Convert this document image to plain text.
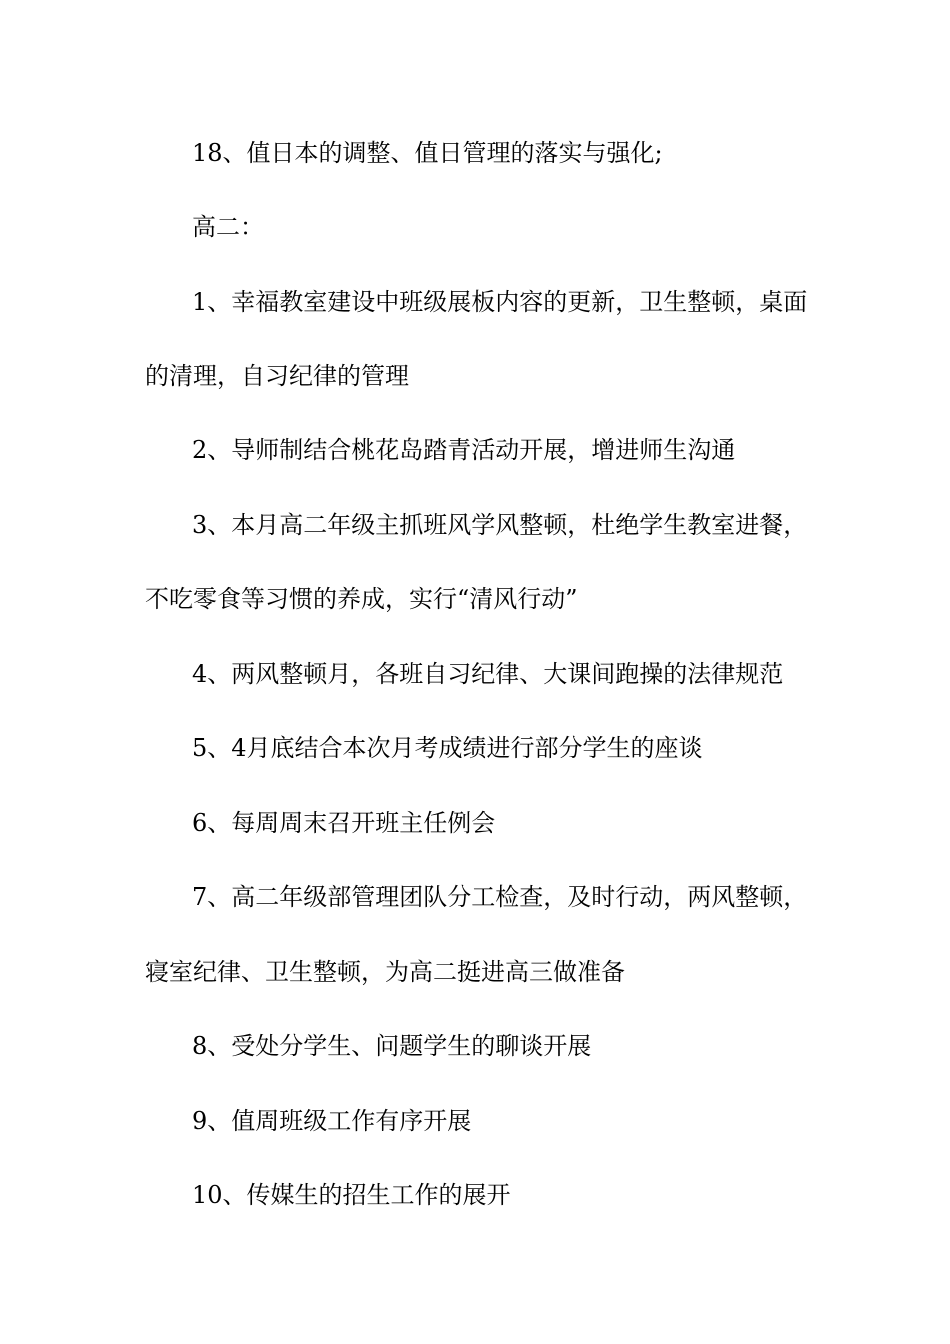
18、值日本的调整、值日管理的落实与强化;
高二：
1、幸福教室建设中班级展板内容的更新，卫生整顿，桌面
的清理，自习纪律的管理
2、导师制结合桃花岛踏青活动开展，增进师生沟通
3、本月高二年级主抓班风学风整顿，杜绝学生教室进餐，
不吃零食等习惯的养成，实行“清风行动”
4、两风整顿月，各班自习纪律、大课间跑操的法律规范
5、4月底结合本次月考成绩进行部分学生的座谈
6、每周周末召开班主任例会
7、高二年级部管理团队分工检查，及时行动，两风整顿，
寝室纪律、卫生整顿，为高二挺进高三做准备
8、受处分学生、问题学生的聊谈开展
9、值周班级工作有序开展
10、传媒生的招生工作的展开
